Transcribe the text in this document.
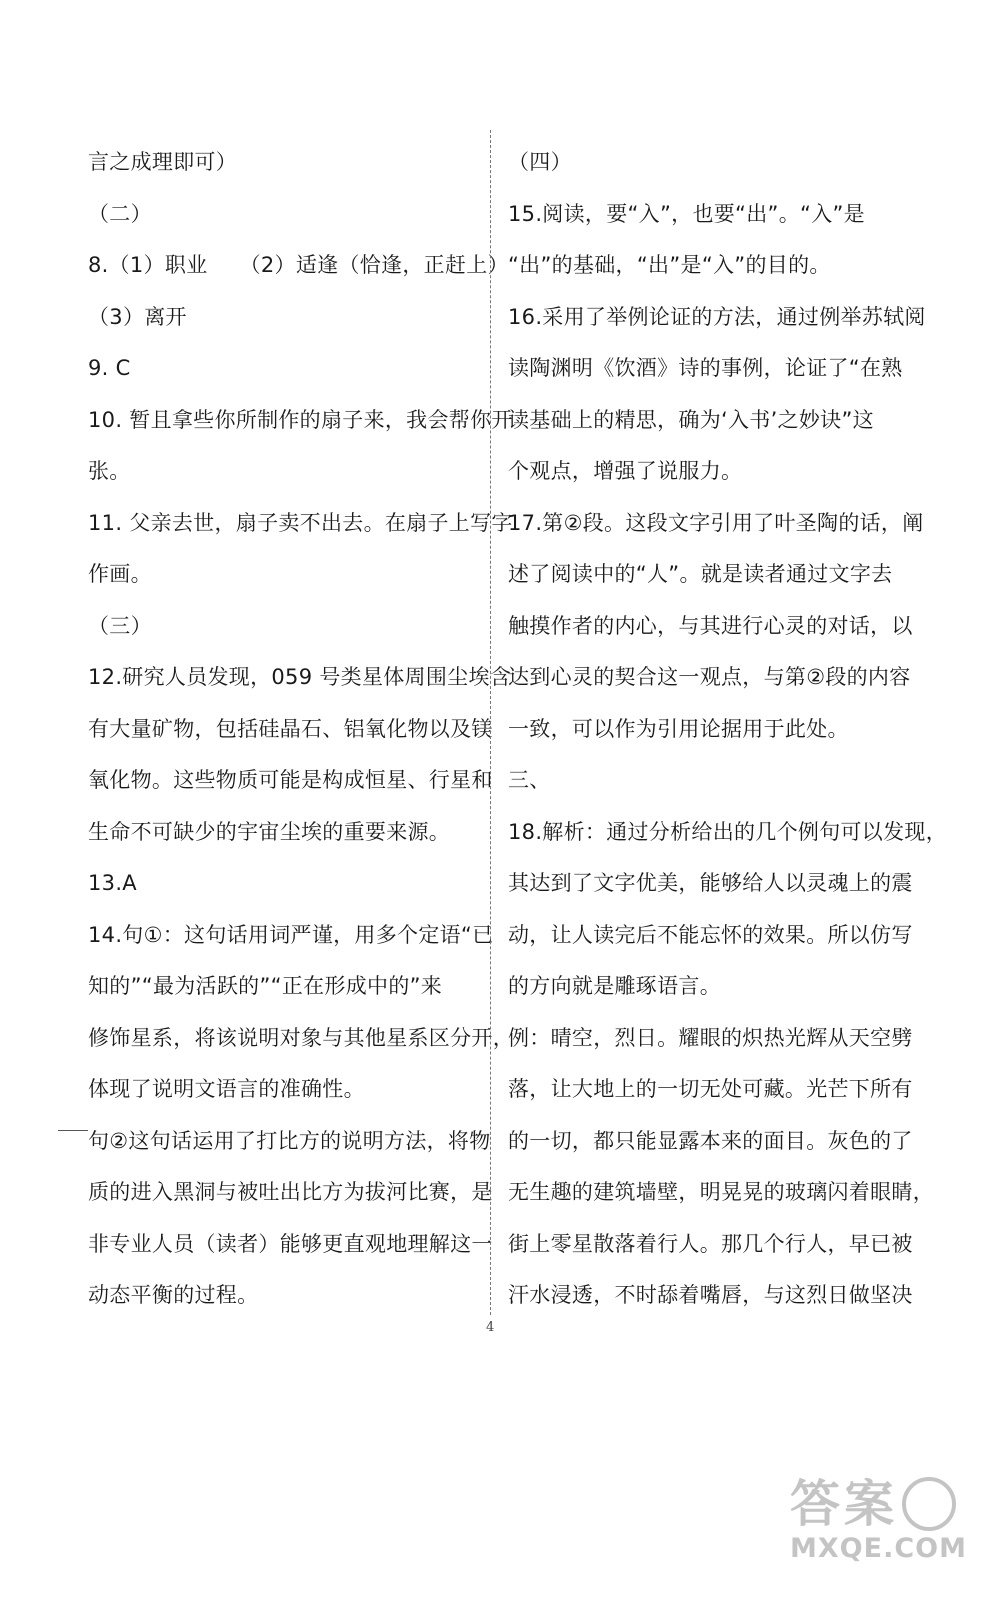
言之成理即可）
（二）
8.（1）职业　　（2）适逢（恰逢，正赶上）
（3）离开
9. C
10. 暂且拿些你所制作的扇子来，我会帮你开
张。
11. 父亲去世，扇子卖不出去。在扇子上写字
作画。
（三）
12.研究人员发现，059 号类星体周围尘埃含
有大量矿物，包括硅晶石、铝氧化物以及镁
氧化物。这些物质可能是构成恒星、行星和
生命不可缺少的宇宙尘埃的重要来源。
13.A
14.句①：这句话用词严谨，用多个定语“已
知的”“最为活跃的”“正在形成中的”来
修饰星系，将该说明对象与其他星系区分开，
体现了说明文语言的准确性。
句②这句话运用了打比方的说明方法，将物
质的进入黑洞与被吐出比方为拔河比赛，是
非专业人员（读者）能够更直观地理解这一
动态平衡的过程。
（四）
15.阅读，要“入”，也要“出”。“入”是
“出”的基础，“出”是“入”的目的。
16.采用了举例论证的方法，通过例举苏轼阅
读陶渊明《饮酒》诗的事例，论证了“在熟
读基础上的精思，确为‘入书’之妙诀”这
个观点，增强了说服力。
17.第②段。这段文字引用了叶圣陶的话，阐
述了阅读中的“人”。就是读者通过文字去
触摸作者的内心，与其进行心灵的对话，以
达到心灵的契合这一观点，与第②段的内容
一致，可以作为引用论据用于此处。
三、
18.解析：通过分析给出的几个例句可以发现，
其达到了文字优美，能够给人以灵魂上的震
动，让人读完后不能忘怀的效果。所以仿写
的方向就是雕琢语言。
例：晴空，烈日。耀眼的炽热光辉从天空劈
落，让大地上的一切无处可藏。光芒下所有
的一切，都只能显露本来的面目。灰色的了
无生趣的建筑墙壁，明晃晃的玻璃闪着眼睛，
街上零星散落着行人。那几个行人，早已被
汗水浸透，不时舔着嘴唇，与这烈日做坚决
4
答案
MXQE.COM
